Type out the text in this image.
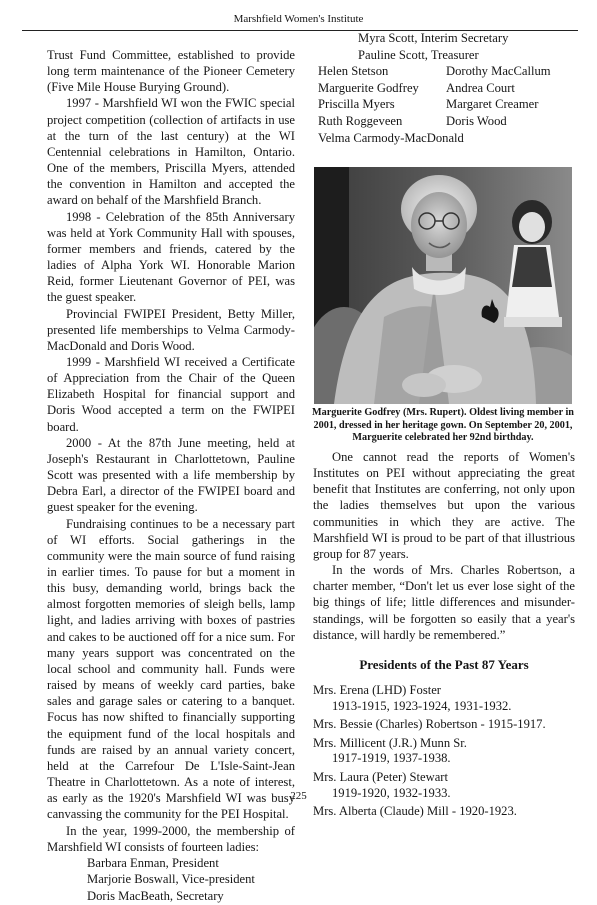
Marshfield Women's Institute

Trust Fund Committee, established to provide long term maintenance of the Pioneer Cemetery (Five Mile House Burying Ground).

1997 - Marshfield WI won the FWIC special project competition (collection of artifacts in use at the turn of the last century) at the WI Centennial celebrations in Hamilton, Ontario. One of the members, Priscilla Myers, attended the convention in Hamilton and accepted the award on behalf of the Marshfield Branch.

1998 - Celebration of the 85th Anniversary was held at York Community Hall with spouses, former members and friends, catered by the ladies of Alpha York WI. Honorable Marion Reid, former Lieutenant Governor of PEI, was the guest speaker.

Provincial FWIPEI President, Betty Miller, presented life memberships to Velma Carmody-MacDonald and Doris Wood.

1999 - Marshfield WI received a Certificate of Appreciation from the Chair of the Queen Elizabeth Hospital for financial support and Doris Wood accepted a term on the FWIPEI board.

2000 - At the 87th June meeting, held at Joseph's Restaurant in Charlottetown, Pauline Scott was presented with a life membership by Debra Earl, a director of the FWIPEI board and guest speaker for the evening.

Fundraising continues to be a necessary part of WI efforts. Social gatherings in the community were the main source of fund raising in earlier times. To pause for but a moment in this busy, demanding world, brings back the almost forgotten memories of sleigh bells, lamp light, and ladies arriving with boxes of pastries and cakes to be auctioned off for a nice sum. For many years support was concentrated on the local school and community hall. Funds were raised by means of weekly card parties, bake sales and garage sales or catering to a banquet. Focus has now shifted to financially supporting the equipment fund of the local hospitals and funds are raised by an annual variety concert, held at the Carrefour De L'Isle-Saint-Jean Theatre in Charlottetown. As a note of interest, as early as the 1920's Marshfield WI was busy canvassing the community for the PEI Hospital.

In the year, 1999-2000, the membership of Marshfield WI consists of fourteen ladies:

Barbara Enman, President
Marjorie Boswall, Vice-president
Doris MacBeath, Secretary
Myra Scott, Interim Secretary
Pauline Scott, Treasurer
Helen Stetson	Dorothy MacCallum
Marguerite Godfrey	Andrea Court
Priscilla Myers	Margaret Creamer
Ruth Roggeveen	Doris Wood
Velma Carmody-MacDonald
Marguerite Godfrey (Mrs. Rupert). Oldest living member in 2001, dressed in her heritage gown. On September 20, 2001, Marguerite celebrated her 92nd birthday.

One cannot read the reports of Women's Institutes on PEI without appreciating the great benefit that Institutes are conferring, not only upon the ladies themselves but upon the various communities in which they are active. The Marshfield WI is proud to be part of that illustrious group for 87 years.

In the words of Mrs. Charles Robertson, a charter member, “Don't let us ever lose sight of the big things of life; little differences and misunder-standings, will be forgotten so easily that a year's distance, will hardly be remembered.”

Presidents of the Past 87 Years
Mrs. Erena (LHD) Foster
1913-1915, 1923-1924, 1931-1932.
Mrs. Bessie (Charles) Robertson - 1915-1917.
Mrs. Millicent (J.R.) Munn Sr.
1917-1919, 1937-1938.
Mrs. Laura (Peter) Stewart
1919-1920, 1932-1933.
Mrs. Alberta (Claude) Mill - 1920-1923.
225
